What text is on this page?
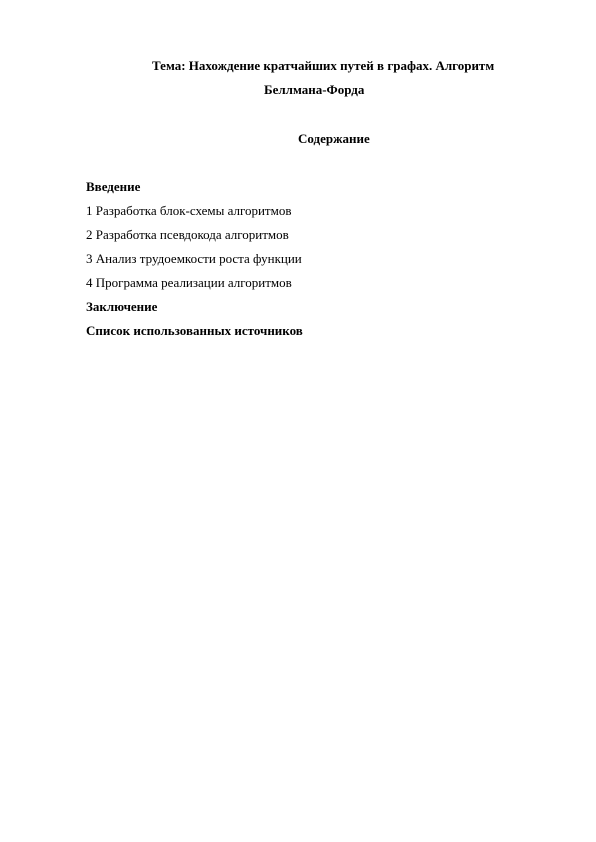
Тема: Нахождение кратчайших путей в графах. Алгоритм
Беллмана-Форда
Содержание
Введение
1 Разработка блок-схемы алгоритмов
2 Разработка псевдокода алгоритмов
3 Анализ трудоемкости роста функции
4 Программа реализации алгоритмов
Заключение
Список использованных источников
